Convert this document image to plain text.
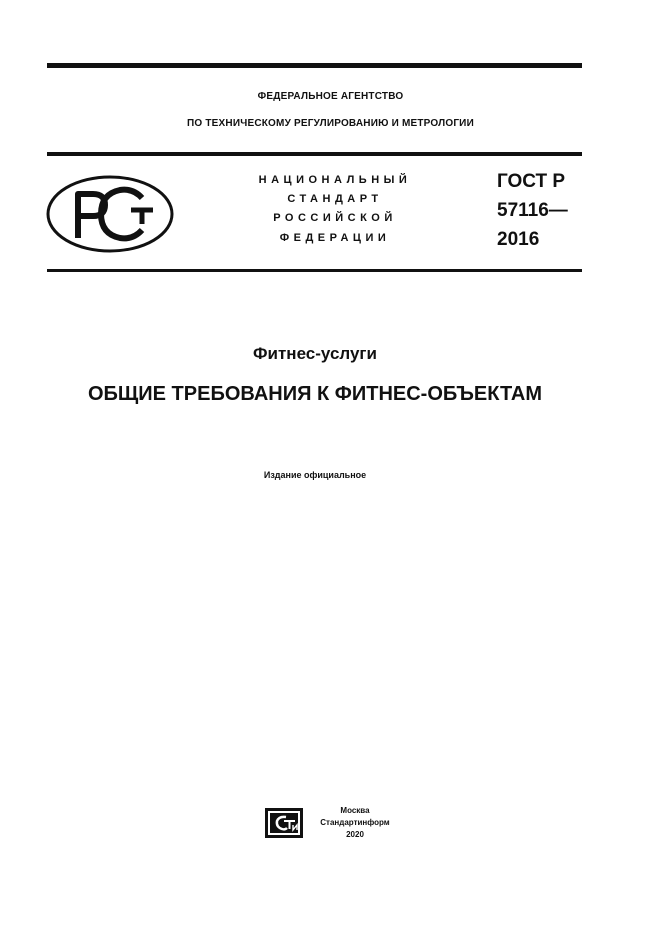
ФЕДЕРАЛЬНОЕ АГЕНТСТВО
ПО ТЕХНИЧЕСКОМУ РЕГУЛИРОВАНИЮ И МЕТРОЛОГИИ
НАЦИОНАЛЬНЫЙ
СТАНДАРТ
РОССИЙСКОЙ
ФЕДЕРАЦИИ
ГОСТ Р
57116—
2016
Фитнес-услуги
ОБЩИЕ ТРЕБОВАНИЯ К ФИТНЕС-ОБЪЕКТАМ
Издание официальное
Москва
Стандартинформ
2020
